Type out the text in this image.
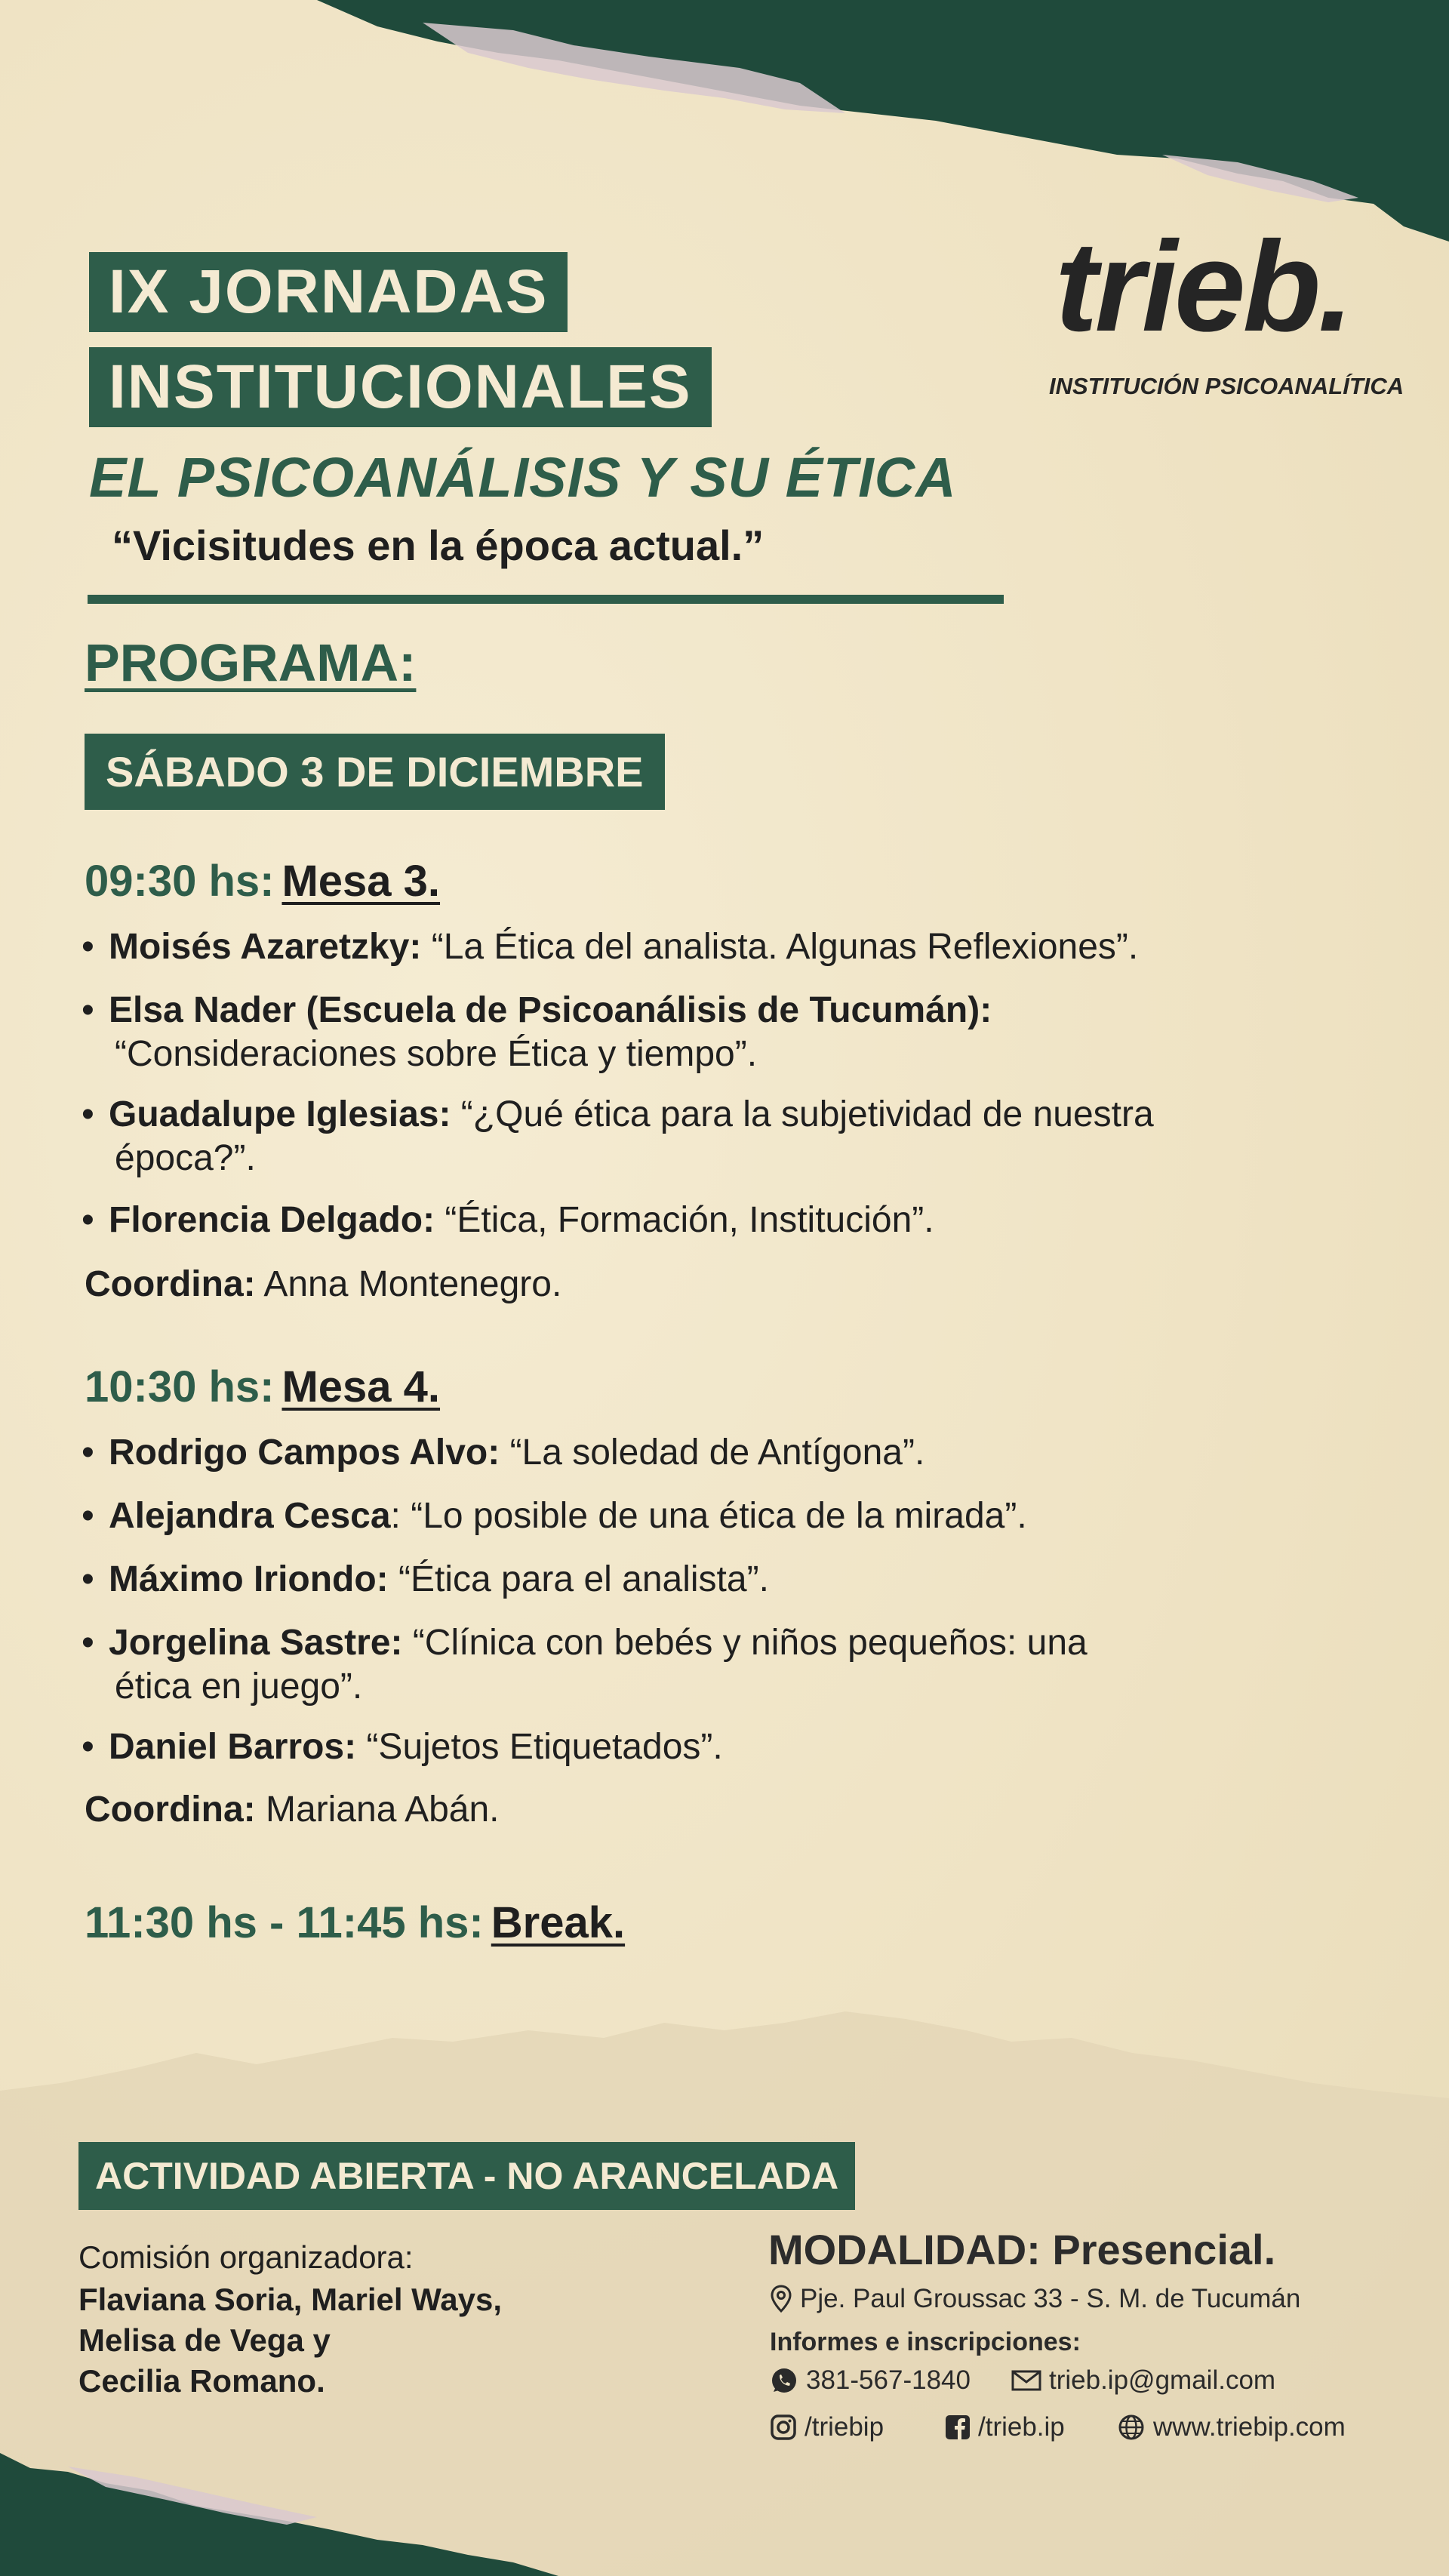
IX JORNADAS
INSTITUCIONALES
EL PSICOANÁLISIS Y SU ÉTICA
“Vicisitudes en la época actual.”
trieb.
INSTITUCIÓN PSICOANALÍTICA
PROGRAMA:
SÁBADO 3 DE DICIEMBRE
09:30 hs: Mesa 3.
• Moisés Azaretzky: “La Ética del analista. Algunas Reflexiones”.
• Elsa Nader (Escuela de Psicoanálisis de Tucumán):
“Consideraciones sobre Ética y tiempo”.
• Guadalupe Iglesias: “¿Qué ética para la subjetividad de nuestra
época?”.
• Florencia Delgado: “Ética, Formación, Institución”.
Coordina: Anna Montenegro.
10:30 hs: Mesa 4.
• Rodrigo Campos Alvo: “La soledad de Antígona”.
• Alejandra Cesca: “Lo posible de una ética de la mirada”.
• Máximo Iriondo: “Ética para el analista”.
• Jorgelina Sastre: “Clínica con bebés y niños pequeños: una
ética en juego”.
• Daniel Barros: “Sujetos Etiquetados”.
Coordina: Mariana Abán.
11:30 hs - 11:45 hs: Break.
ACTIVIDAD ABIERTA - NO ARANCELADA
Comisión organizadora:
Flaviana Soria, Mariel Ways,
Melisa de Vega y
Cecilia Romano.
MODALIDAD: Presencial.
Pje. Paul Groussac 33 - S. M. de Tucumán
Informes e inscripciones:
381-567-1840	trieb.ip@gmail.com
/triebip	/trieb.ip	www.triebip.com
